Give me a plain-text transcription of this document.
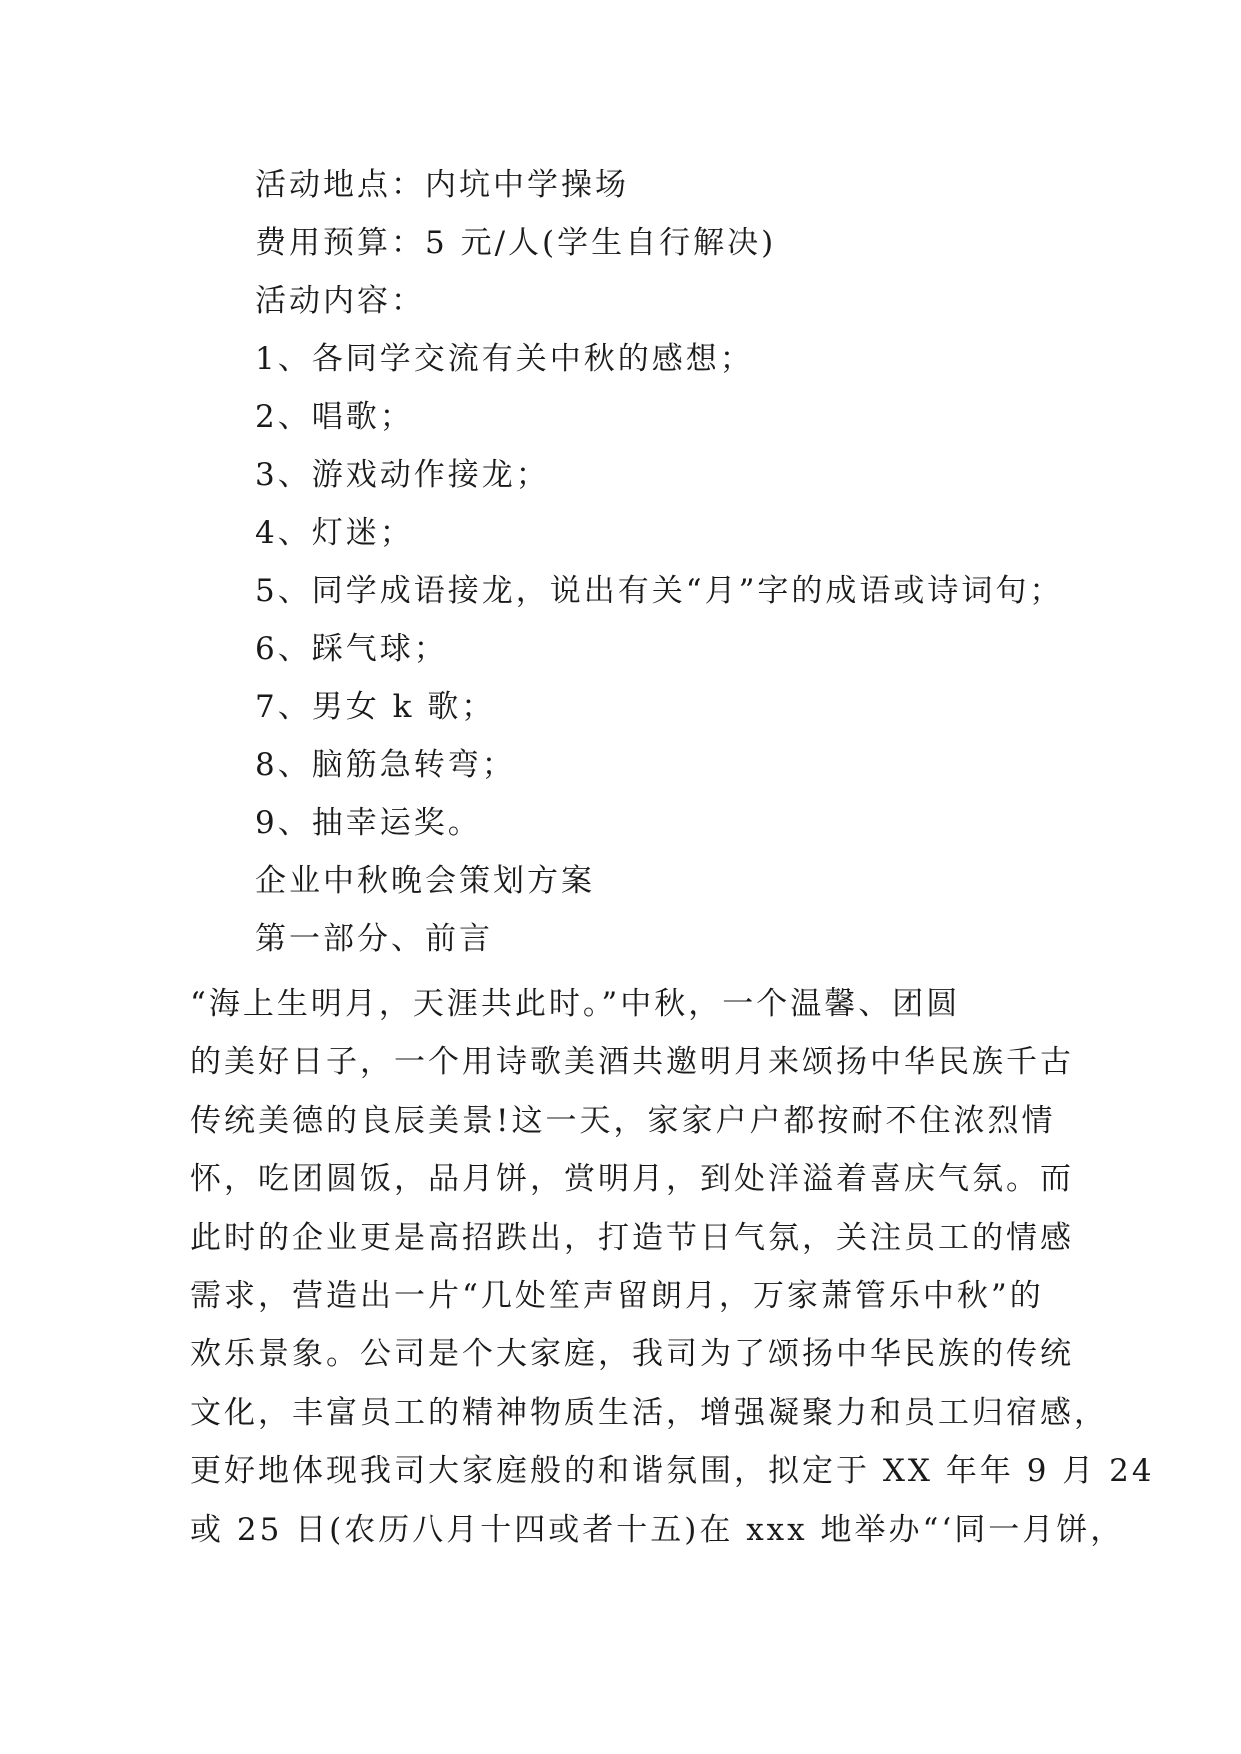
活动地点：内坑中学操场
费用预算：5 元/人(学生自行解决)
活动内容：
1、各同学交流有关中秋的感想；
2、唱歌；
3、游戏动作接龙；
4、灯迷；
5、同学成语接龙，说出有关“月”字的成语或诗词句；
6、踩气球；
7、男女 k 歌；
8、脑筋急转弯；
9、抽幸运奖。
企业中秋晚会策划方案
第一部分、前言
“海上生明月，天涯共此时。”中秋，一个温馨、团圆
的美好日子，一个用诗歌美酒共邀明月来颂扬中华民族千古
传统美德的良辰美景!这一天，家家户户都按耐不住浓烈情
怀，吃团圆饭，品月饼，赏明月，到处洋溢着喜庆气氛。而
此时的企业更是高招跌出，打造节日气氛，关注员工的情感
需求，营造出一片“几处笙声留朗月，万家萧管乐中秋”的
欢乐景象。公司是个大家庭，我司为了颂扬中华民族的传统
文化，丰富员工的精神物质生活，增强凝聚力和员工归宿感，
更好地体现我司大家庭般的和谐氛围，拟定于 XX 年年 9 月 24
或 25 日(农历八月十四或者十五)在 xxx 地举办“‘同一月饼，
